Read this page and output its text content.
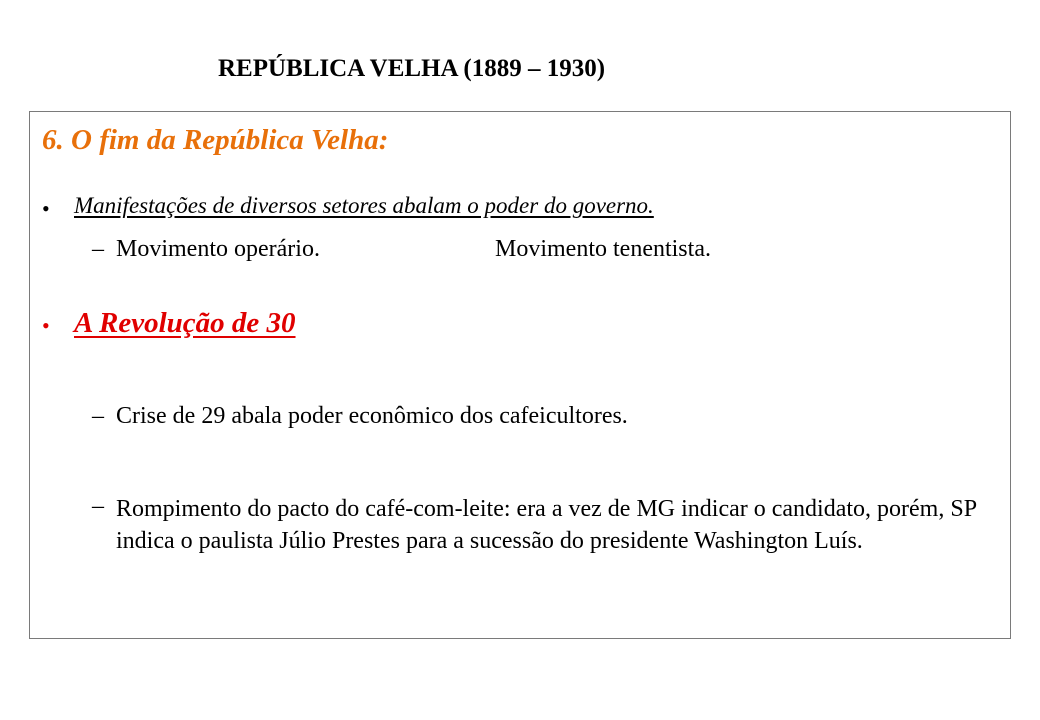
REPÚBLICA VELHA (1889 – 1930)
6. O fim da República Velha:
• Manifestações de diversos setores abalam o poder do governo.
– Movimento operário.	Movimento tenentista.
• A Revolução de 30
– Crise de 29 abala poder econômico dos cafeicultores.
– Rompimento do pacto do café-com-leite: era a vez de MG indicar o candidato, porém, SP indica o paulista Júlio Prestes para a sucessão do presidente Washington Luís.
